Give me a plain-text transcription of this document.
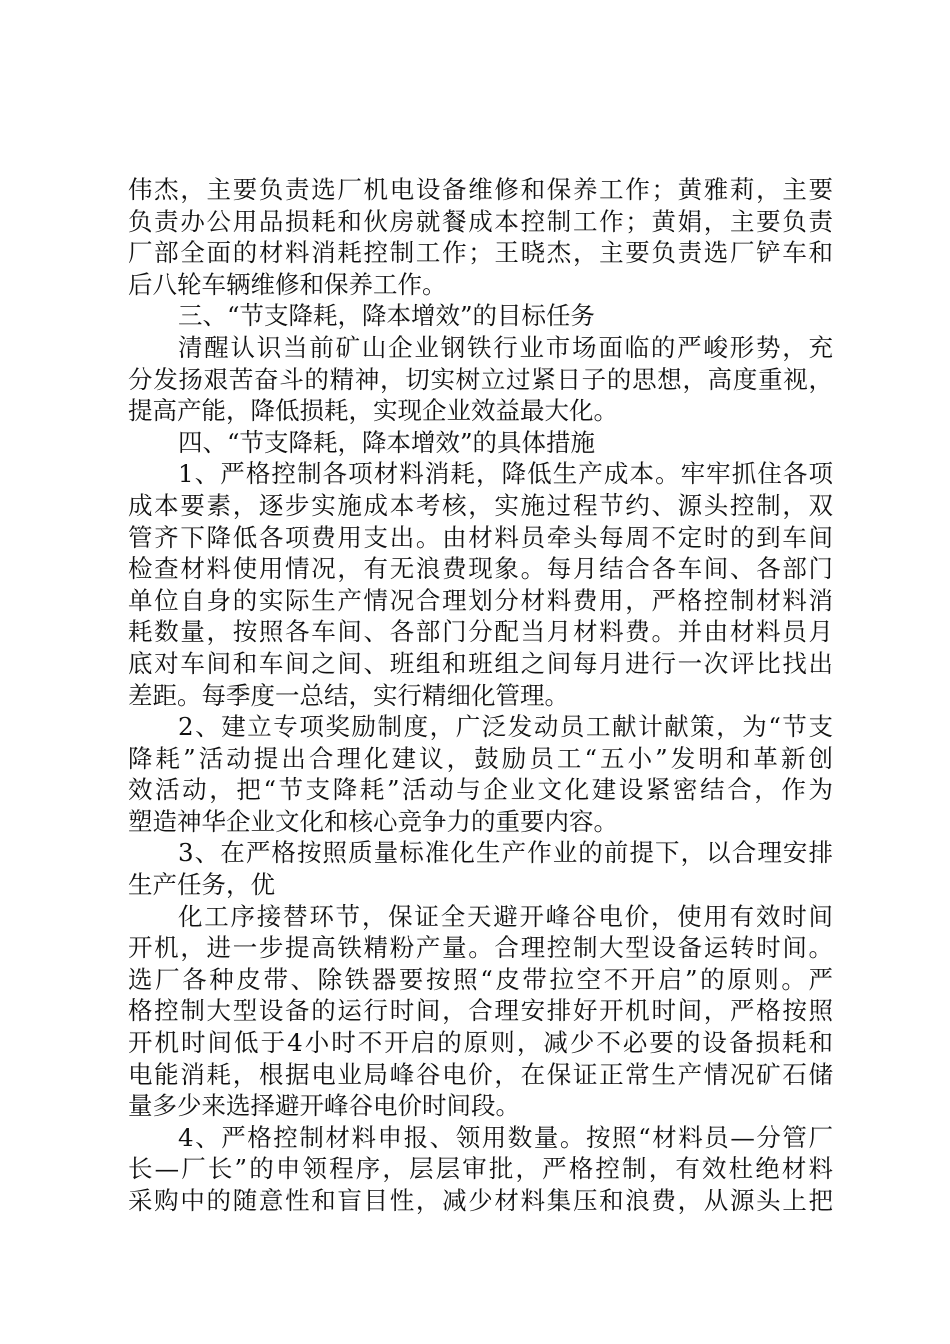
伟杰，主要负责选厂机电设备维修和保养工作；黄雅莉，主要
负责办公用品损耗和伙房就餐成本控制工作；黄娟，主要负责
厂部全面的材料消耗控制工作；王晓杰，主要负责选厂铲车和
后八轮车辆维修和保养工作。
三、“节支降耗，降本增效”的目标任务
清醒认识当前矿山企业钢铁行业市场面临的严峻形势，充
分发扬艰苦奋斗的精神，切实树立过紧日子的思想，高度重视，
提高产能，降低损耗，实现企业效益最大化。
四、“节支降耗，降本增效”的具体措施
1、严格控制各项材料消耗，降低生产成本。牢牢抓住各项
成本要素，逐步实施成本考核，实施过程节约、源头控制，双
管齐下降低各项费用支出。由材料员牵头每周不定时的到车间
检查材料使用情况，有无浪费现象。每月结合各车间、各部门
单位自身的实际生产情况合理划分材料费用，严格控制材料消
耗数量，按照各车间、各部门分配当月材料费。并由材料员月
底对车间和车间之间、班组和班组之间每月进行一次评比找出
差距。每季度一总结，实行精细化管理。
2、建立专项奖励制度，广泛发动员工献计献策，为“节支
降耗”活动提出合理化建议，鼓励员工“五小”发明和革新创
效活动，把“节支降耗”活动与企业文化建设紧密结合，作为
塑造神华企业文化和核心竞争力的重要内容。
3、在严格按照质量标准化生产作业的前提下，以合理安排
生产任务，优
化工序接替环节，保证全天避开峰谷电价，使用有效时间
开机，进一步提高铁精粉产量。合理控制大型设备运转时间。
选厂各种皮带、除铁器要按照“皮带拉空不开启”的原则。严
格控制大型设备的运行时间，合理安排好开机时间，严格按照
开机时间低于4小时不开启的原则，减少不必要的设备损耗和
电能消耗，根据电业局峰谷电价，在保证正常生产情况矿石储
量多少来选择避开峰谷电价时间段。
4、严格控制材料申报、领用数量。按照“材料员—分管厂
长—厂长”的申领程序，层层审批，严格控制，有效杜绝材料
采购中的随意性和盲目性，减少材料集压和浪费，从源头上把
